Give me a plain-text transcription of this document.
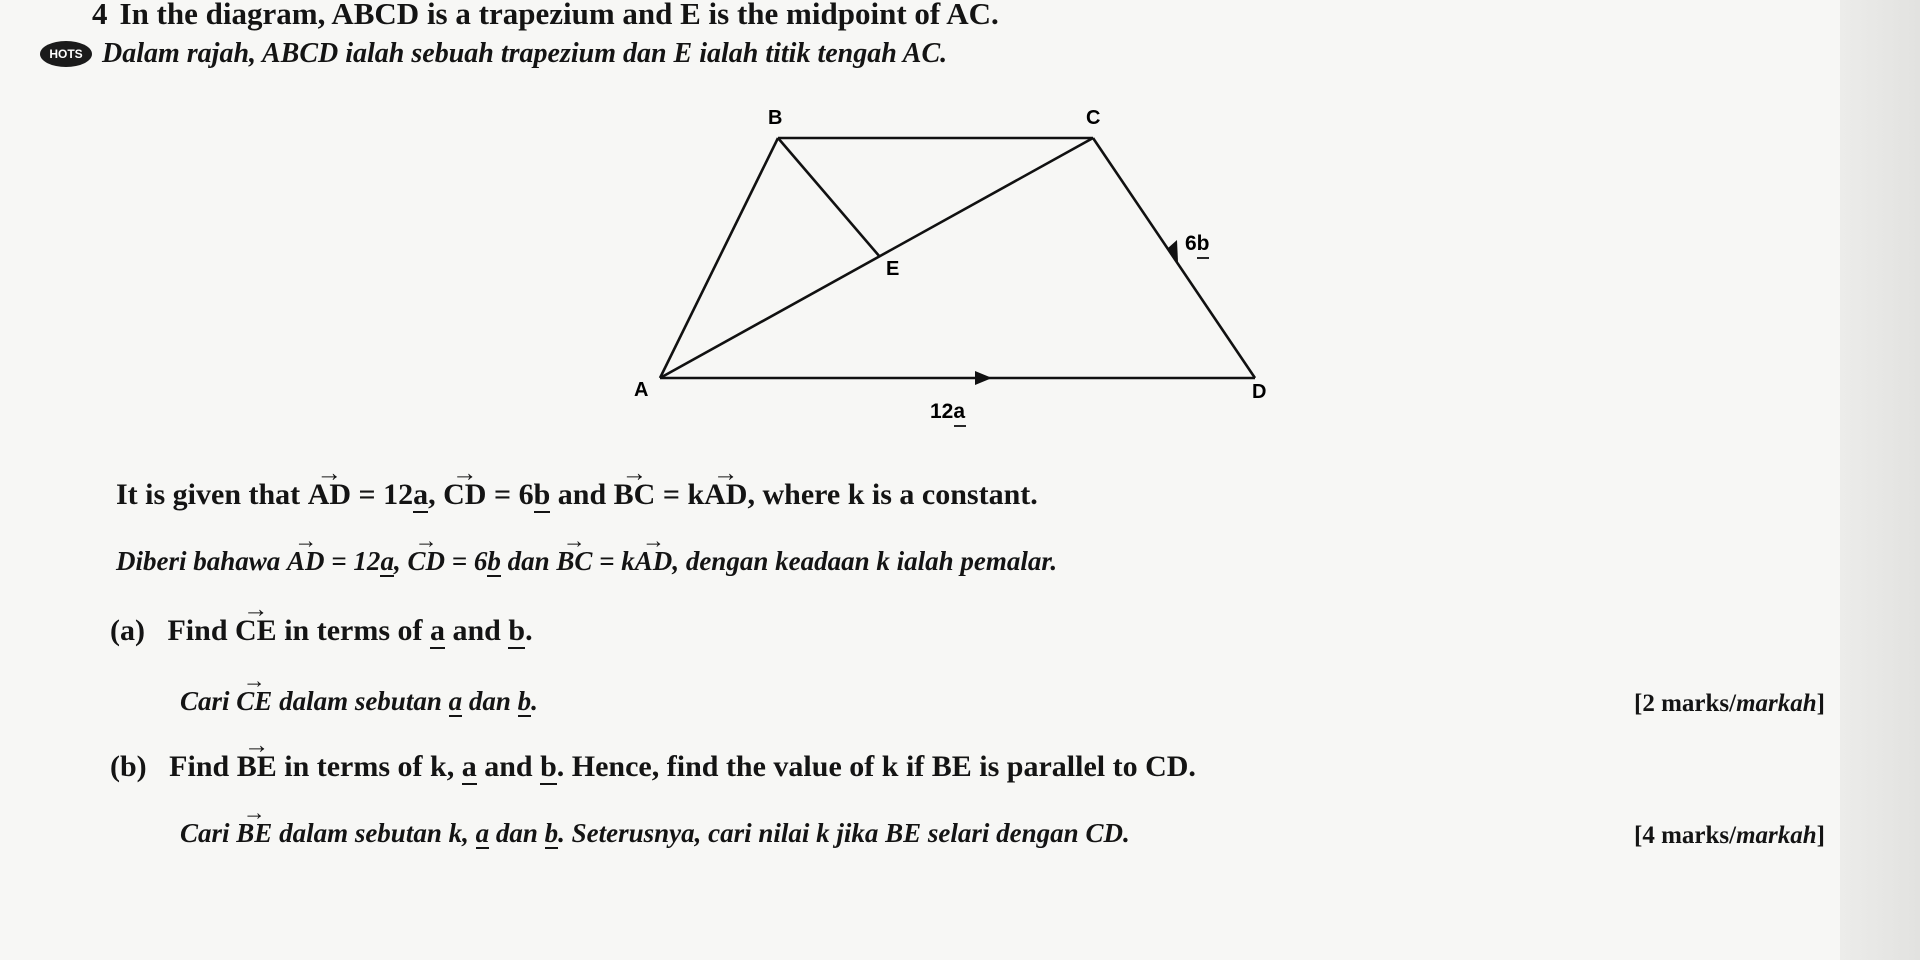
4 In the diagram, ABCD is a trapezium and E is the midpoint of AC.
HOTS Dalam rajah, ABCD ialah sebuah trapezium dan E ialah titik tengah AC.
A
B	C
D
E
12a
6b
It is given that → AD = 12a, → CD = 6b and → BC = k→ AD, where k is a constant.
Diberi bahawa → AD = 12a, → CD = 6b dan → BC = k→ AD, dengan keadaan k ialah pemalar.
(a) Find → CE in terms of a and b.
Cari → CE dalam sebutan a dan b.	[2 marks/markah]
(b) Find → BE in terms of k, a and b. Hence, find the value of k if BE is parallel to CD.
Cari → BE dalam sebutan k, a dan b. Seterusnya, cari nilai k jika BE selari dengan CD.	[4 marks/markah]
